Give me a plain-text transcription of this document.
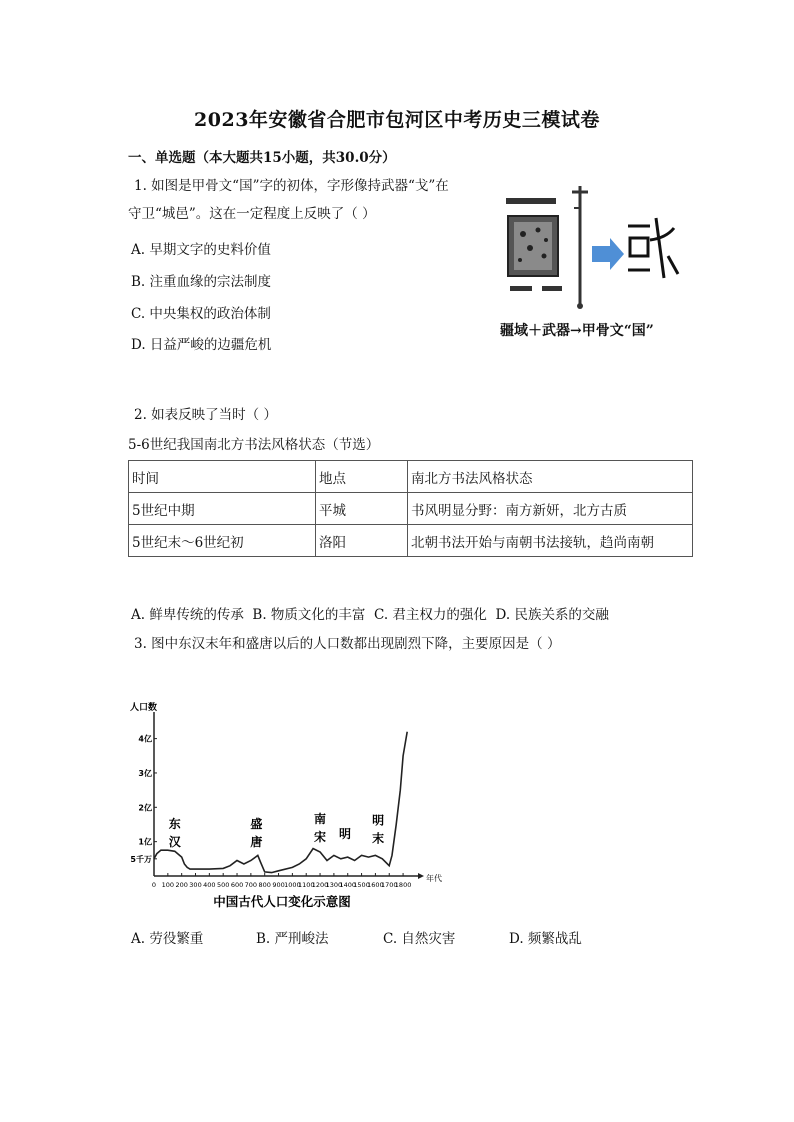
2023年安徽省合肥市包河区中考历史三模试卷
一、单选题（本大题共15小题，共30.0分）
1. 如图是甲骨文“国”字的初体，字形像持武器“戈”在
守卫“城邑”。这在一定程度上反映了（ ）
A. 早期文字的史料价值
B. 注重血缘的宗法制度
C. 中央集权的政治体制
D. 日益严峻的边疆危机
疆域＋武器→甲骨文“国”
2. 如表反映了当时（ ）
5-6世纪我国南北方书法风格状态（节选）
时间	地点	南北方书法风格状态
5世纪中期	平城	书风明显分野：南方新妍，北方古质
5世纪末～6世纪初	洛阳	北朝书法开始与南朝书法接轨，趋尚南朝
A. 鲜卑传统的传承  B. 物质文化的丰富  C. 君主权力的强化  D. 民族关系的交融
3. 图中东汉末年和盛唐以后的人口数都出现剧烈下降，主要原因是（ ）
人口数
5千万
1亿
2亿
3亿
4亿
0 100 200 300 400 500 600 700 800 900 1000
1100
1200
1300
1400
1500
1600
1700
1800
年代
东
汉
盛
唐
南
宋 明
明
末
中国古代人口变化示意图
A. 劳役繁重	B. 严刑峻法	C. 自然灾害	D. 频繁战乱
